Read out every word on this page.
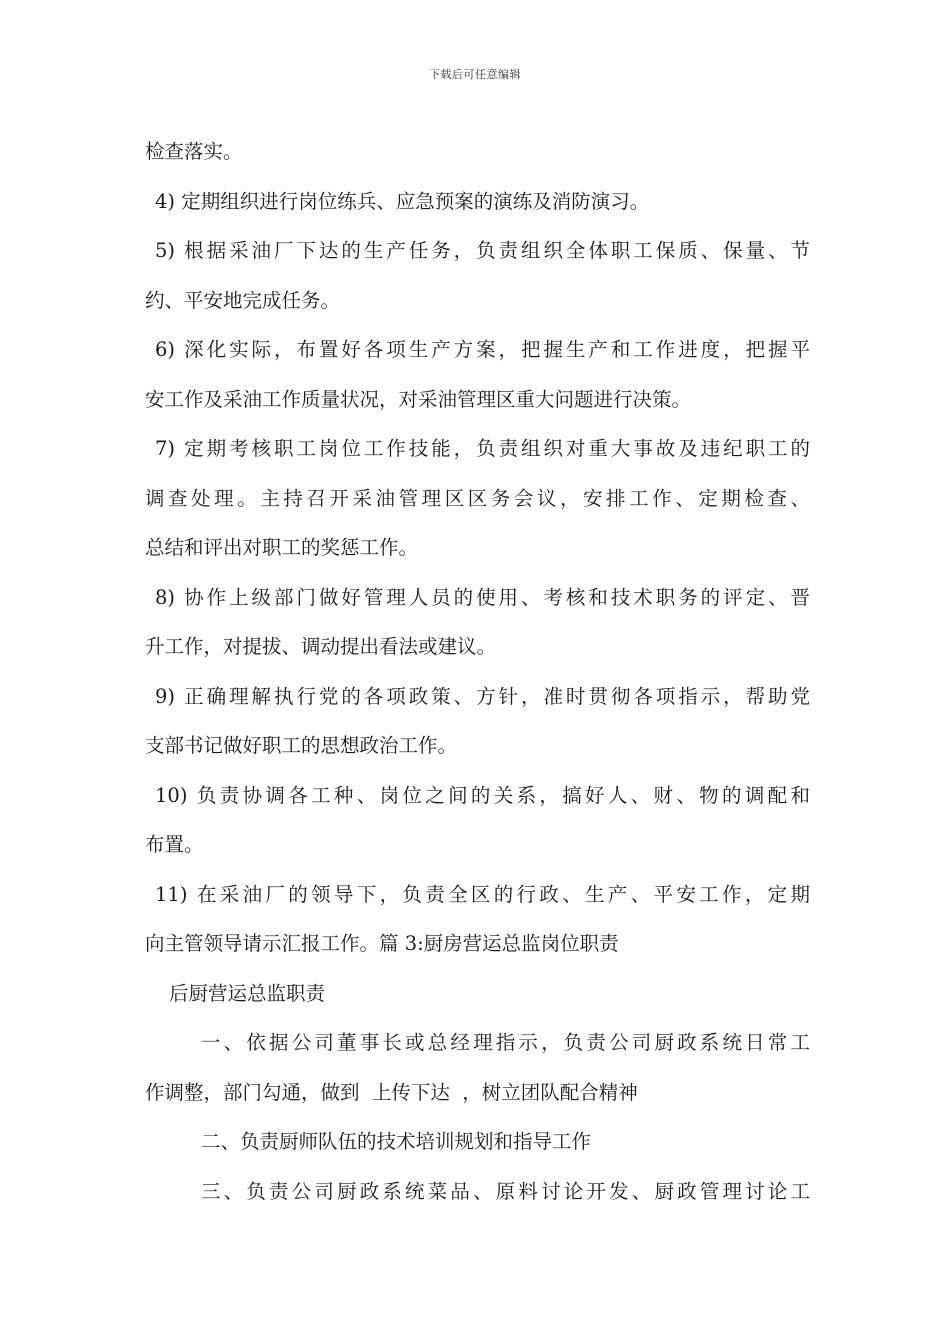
下载后可任意编辑
检查落实。
4) 定期组织进行岗位练兵、应急预案的演练及消防演习。
5) 根据采油厂下达的生产任务，负责组织全体职工保质、保量、节
约、平安地完成任务。
6) 深化实际，布置好各项生产方案，把握生产和工作进度，把握平
安工作及采油工作质量状况，对采油管理区重大问题进行决策。
7) 定期考核职工岗位工作技能，负责组织对重大事故及违纪职工的
调查处理。主持召开采油管理区区务会议，安排工作、定期检查、
总结和评出对职工的奖惩工作。
8) 协作上级部门做好管理人员的使用、考核和技术职务的评定、晋
升工作，对提拔、调动提出看法或建议。
9) 正确理解执行党的各项政策、方针，准时贯彻各项指示，帮助党
支部书记做好职工的思想政治工作。
10) 负责协调各工种、岗位之间的关系，搞好人、财、物的调配和
布置。
11) 在采油厂的领导下，负责全区的行政、生产、平安工作，定期
向主管领导请示汇报工作。篇 3:厨房营运总监岗位职责
后厨营运总监职责
一、依据公司董事长或总经理指示，负责公司厨政系统日常工
作调整，部门勾通，做到  上传下达  ，树立团队配合精神
二、负责厨师队伍的技术培训规划和指导工作
三、负责公司厨政系统菜品、原料讨论开发、厨政管理讨论工
